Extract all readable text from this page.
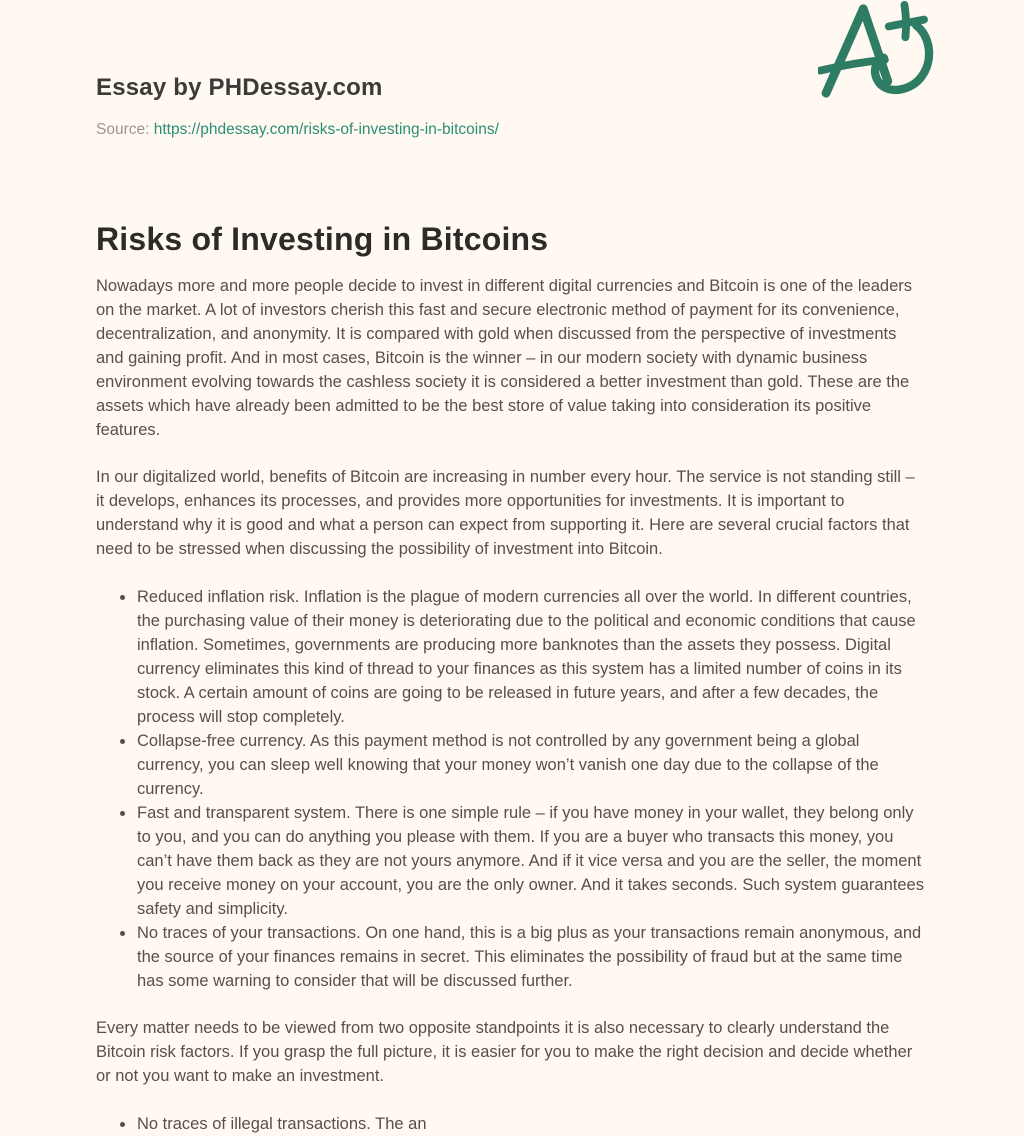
Essay by PHDessay.com
Source: https://phdessay.com/risks-of-investing-in-bitcoins/
Risks of Investing in Bitcoins

Nowadays more and more people decide to invest in different digital currencies and Bitcoin is one of the leaders on the market. A lot of investors cherish this fast and secure electronic method of payment for its convenience, decentralization, and anonymity. It is compared with gold when discussed from the perspective of investments and gaining profit. And in most cases, Bitcoin is the winner – in our modern society with dynamic business environment evolving towards the cashless society it is considered a better investment than gold. These are the assets which have already been admitted to be the best store of value taking into consideration its positive features.

In our digitalized world, benefits of Bitcoin are increasing in number every hour. The service is not standing still – it develops, enhances its processes, and provides more opportunities for investments. It is important to understand why it is good and what a person can expect from supporting it. Here are several crucial factors that need to be stressed when discussing the possibility of investment into Bitcoin.

Reduced inflation risk. Inflation is the plague of modern currencies all over the world. In different countries, the purchasing value of their money is deteriorating due to the political and economic conditions that cause inflation. Sometimes, governments are producing more banknotes than the assets they possess. Digital currency eliminates this kind of thread to your finances as this system has a limited number of coins in its stock. A certain amount of coins are going to be released in future years, and after a few decades, the process will stop completely.
Collapse-free currency. As this payment method is not controlled by any government being a global currency, you can sleep well knowing that your money won’t vanish one day due to the collapse of the currency.
Fast and transparent system. There is one simple rule – if you have money in your wallet, they belong only to you, and you can do anything you please with them. If you are a buyer who transacts this money, you can’t have them back as they are not yours anymore. And if it vice versa and you are the seller, the moment you receive money on your account, you are the only owner. And it takes seconds. Such system guarantees safety and simplicity.
No traces of your transactions. On one hand, this is a big plus as your transactions remain anonymous, and the source of your finances remains in secret. This eliminates the possibility of fraud but at the same time has some warning to consider that will be discussed further.

Every matter needs to be viewed from two opposite standpoints it is also necessary to clearly understand the Bitcoin risk factors. If you grasp the full picture, it is easier for you to make the right decision and decide whether or not you want to make an investment.

No traces of illegal transactions. The an
